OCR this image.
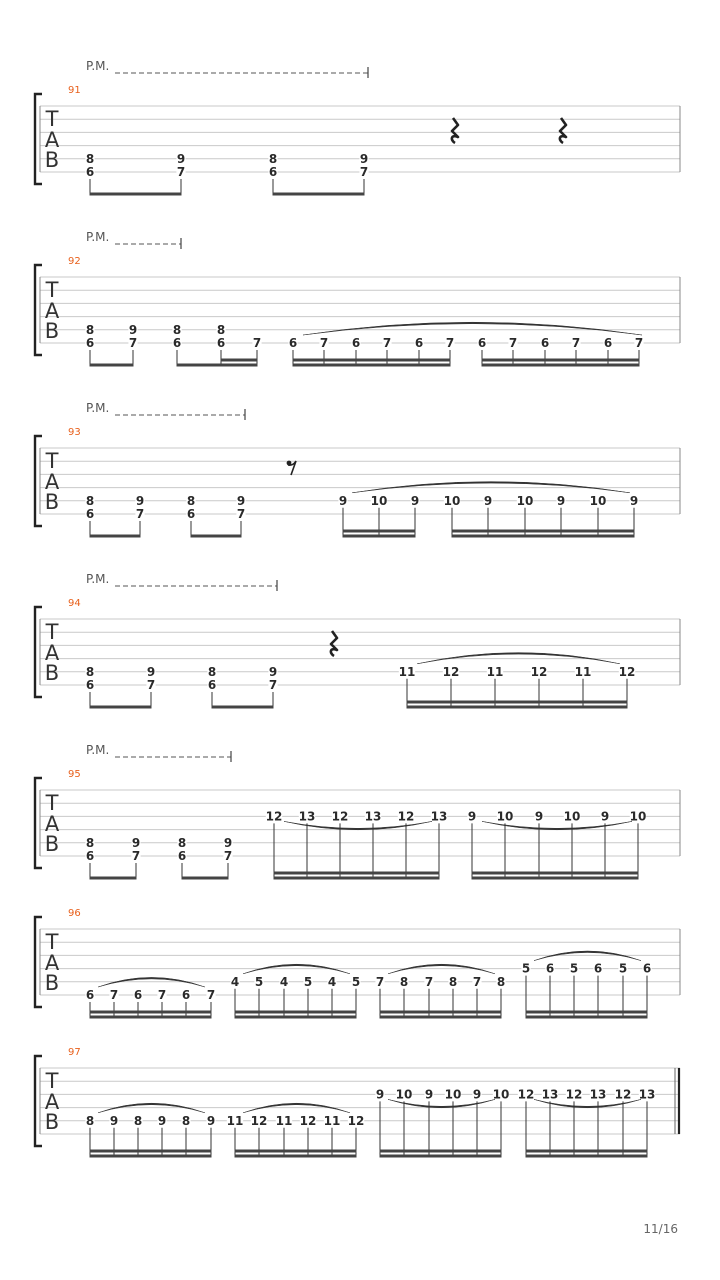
P.M.
91
T
A
B 8
6
9
7
8
6
9
7
P.M.
92
T
A
B 8
6
9
7
8
6
8
6 7 6 7 6 7 6 7 6 7 6 7 6 7
P.M.
93
T
A
B 8
6
9
7
8
6
9
7
9 10 9 10 9 10 9 10 9
P.M.
94
T
A
B 8
6
9
7
8
6
9
7
11 12 11 12 11 12
P.M.
95
T
A
B 8
6
9
7
8
6
9
7
12 13 12 13 12 13 9 10 9 10 9 10
96
T
A
B 6 7 6 7 6 7
4 5 4 5 4 5 7 8 7 8 7 8
5 6 5 6 5 6
97
T
A
B 8 9 8 9 8 9 11 12 11 12 11 12
9 10 9 10 9 10 12 13 12 13 12 13
11/16
